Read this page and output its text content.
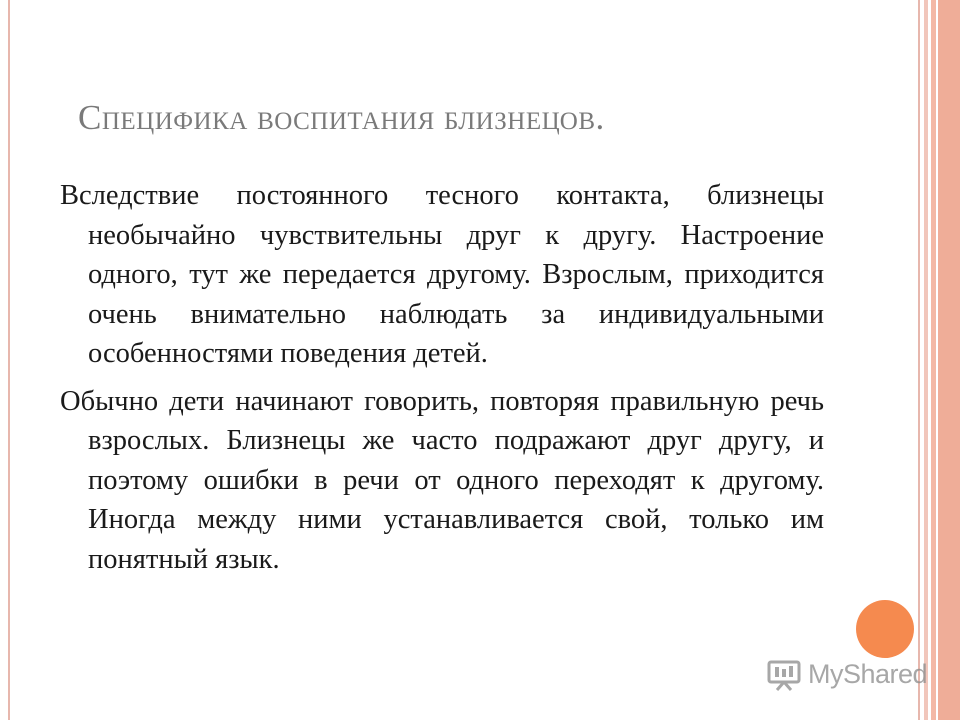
Специфика воспитания близнецов.

Вследствие постоянного тесного контакта, близнецы необычайно чувствительны друг к другу. Настроение одного, тут же передается другому. Взрослым, приходится очень внимательно наблюдать за индивидуальными особенностями поведения детей.

Обычно дети начинают говорить, повторяя правильную речь взрослых. Близнецы же часто подражают друг другу, и поэтому ошибки в речи от одного переходят к другому. Иногда между ними устанавливается свой, только им понятный язык.

MyShared
